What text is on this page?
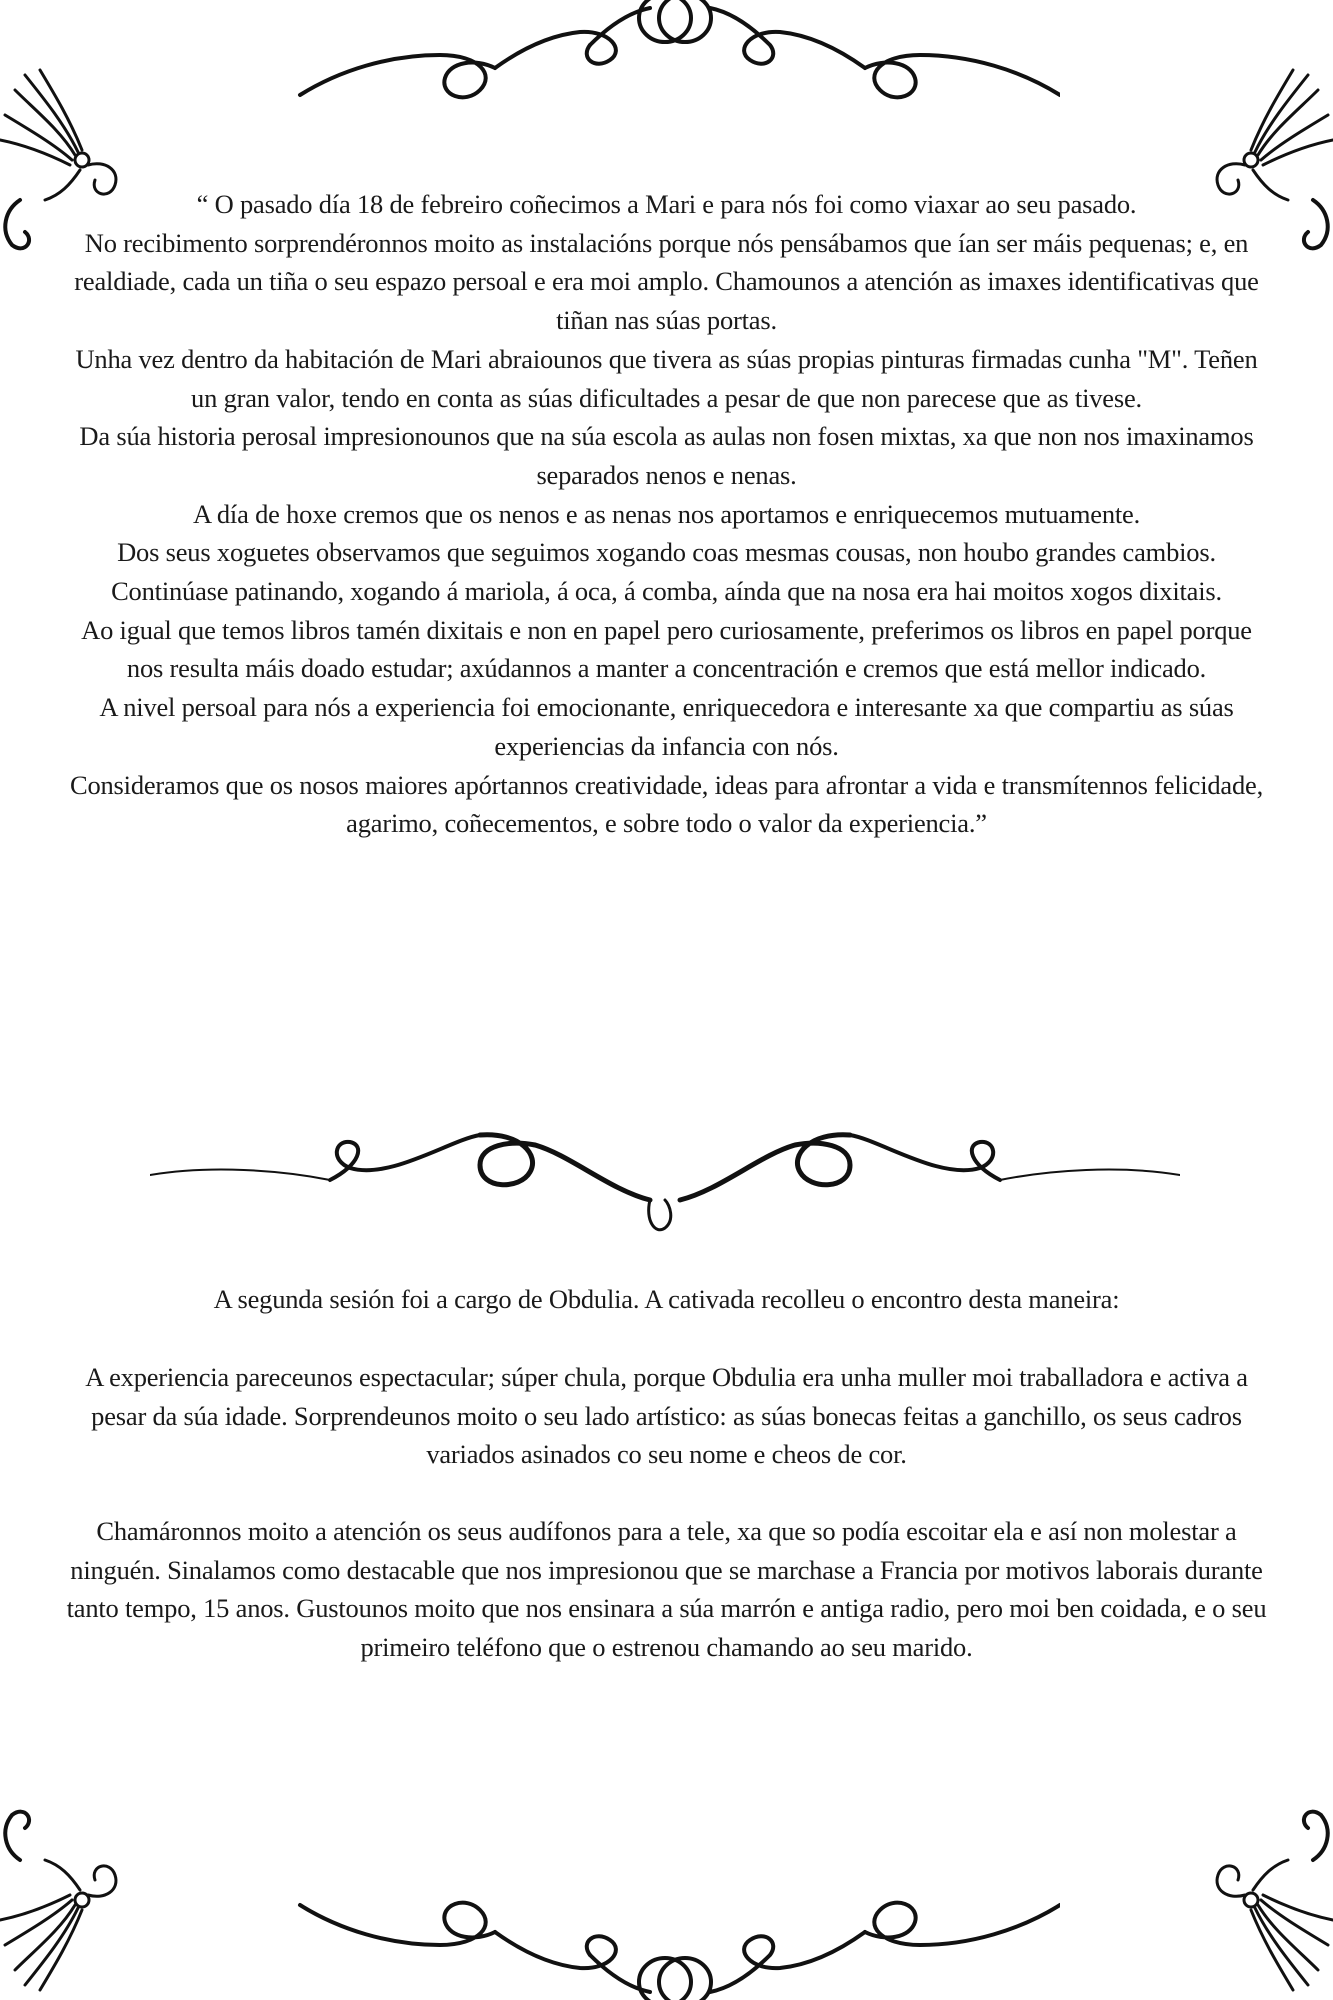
“ O pasado día 18 de febreiro coñecimos a Mari e para nós foi como viaxar ao seu pasado.

No recibimento sorprendéronnos moito as instalacións porque nós pensábamos que ían ser máis pequenas; e, en realdiade, cada un tiña o seu espazo persoal e era moi amplo. Chamounos a atención as imaxes identificativas que tiñan nas súas portas.

Unha vez dentro da habitación de Mari abraiounos que tivera as súas propias pinturas firmadas cunha "M". Teñen un gran valor, tendo en conta as súas dificultades a pesar de que non parecese que as tivese.

Da súa historia perosal impresionounos que na súa escola as aulas non fosen mixtas, xa que non nos imaxinamos separados nenos e nenas.

A día de hoxe cremos que os nenos e as nenas nos aportamos e enriquecemos mutuamente.

Dos seus xoguetes observamos que seguimos xogando coas mesmas cousas, non houbo grandes cambios. Continúase patinando, xogando á mariola, á oca, á comba, aínda que na nosa era hai moitos xogos dixitais.

Ao igual que temos libros tamén dixitais e non en papel pero curiosamente, preferimos os libros en papel porque nos resulta máis doado estudar; axúdannos a manter a concentración e cremos que está mellor indicado.

A nivel persoal para nós a experiencia foi emocionante, enriquecedora e interesante xa que compartiu as súas experiencias da infancia con nós.

Consideramos que os nosos maiores apórtannos creatividade, ideas para afrontar a vida e transmítennos felicidade, agarimo, coñecementos, e sobre todo o valor da experiencia.”

A segunda sesión foi a cargo de Obdulia. A cativada recolleu o encontro desta maneira:

A experiencia pareceunos espectacular; súper chula, porque Obdulia era unha muller moi traballadora e activa a pesar da súa idade. Sorprendeunos moito o seu lado artístico: as súas bonecas feitas a ganchillo, os seus cadros variados asinados co seu nome e cheos de cor.

Chamáronnos moito a atención os seus audífonos para a tele, xa que so podía escoitar ela e así non molestar a ninguén. Sinalamos como destacable que nos impresionou que se marchase a Francia por motivos laborais durante tanto tempo, 15 anos. Gustounos moito que nos ensinara a súa marrón e antiga radio, pero moi ben coidada, e o seu primeiro teléfono que o estrenou chamando ao seu marido.
